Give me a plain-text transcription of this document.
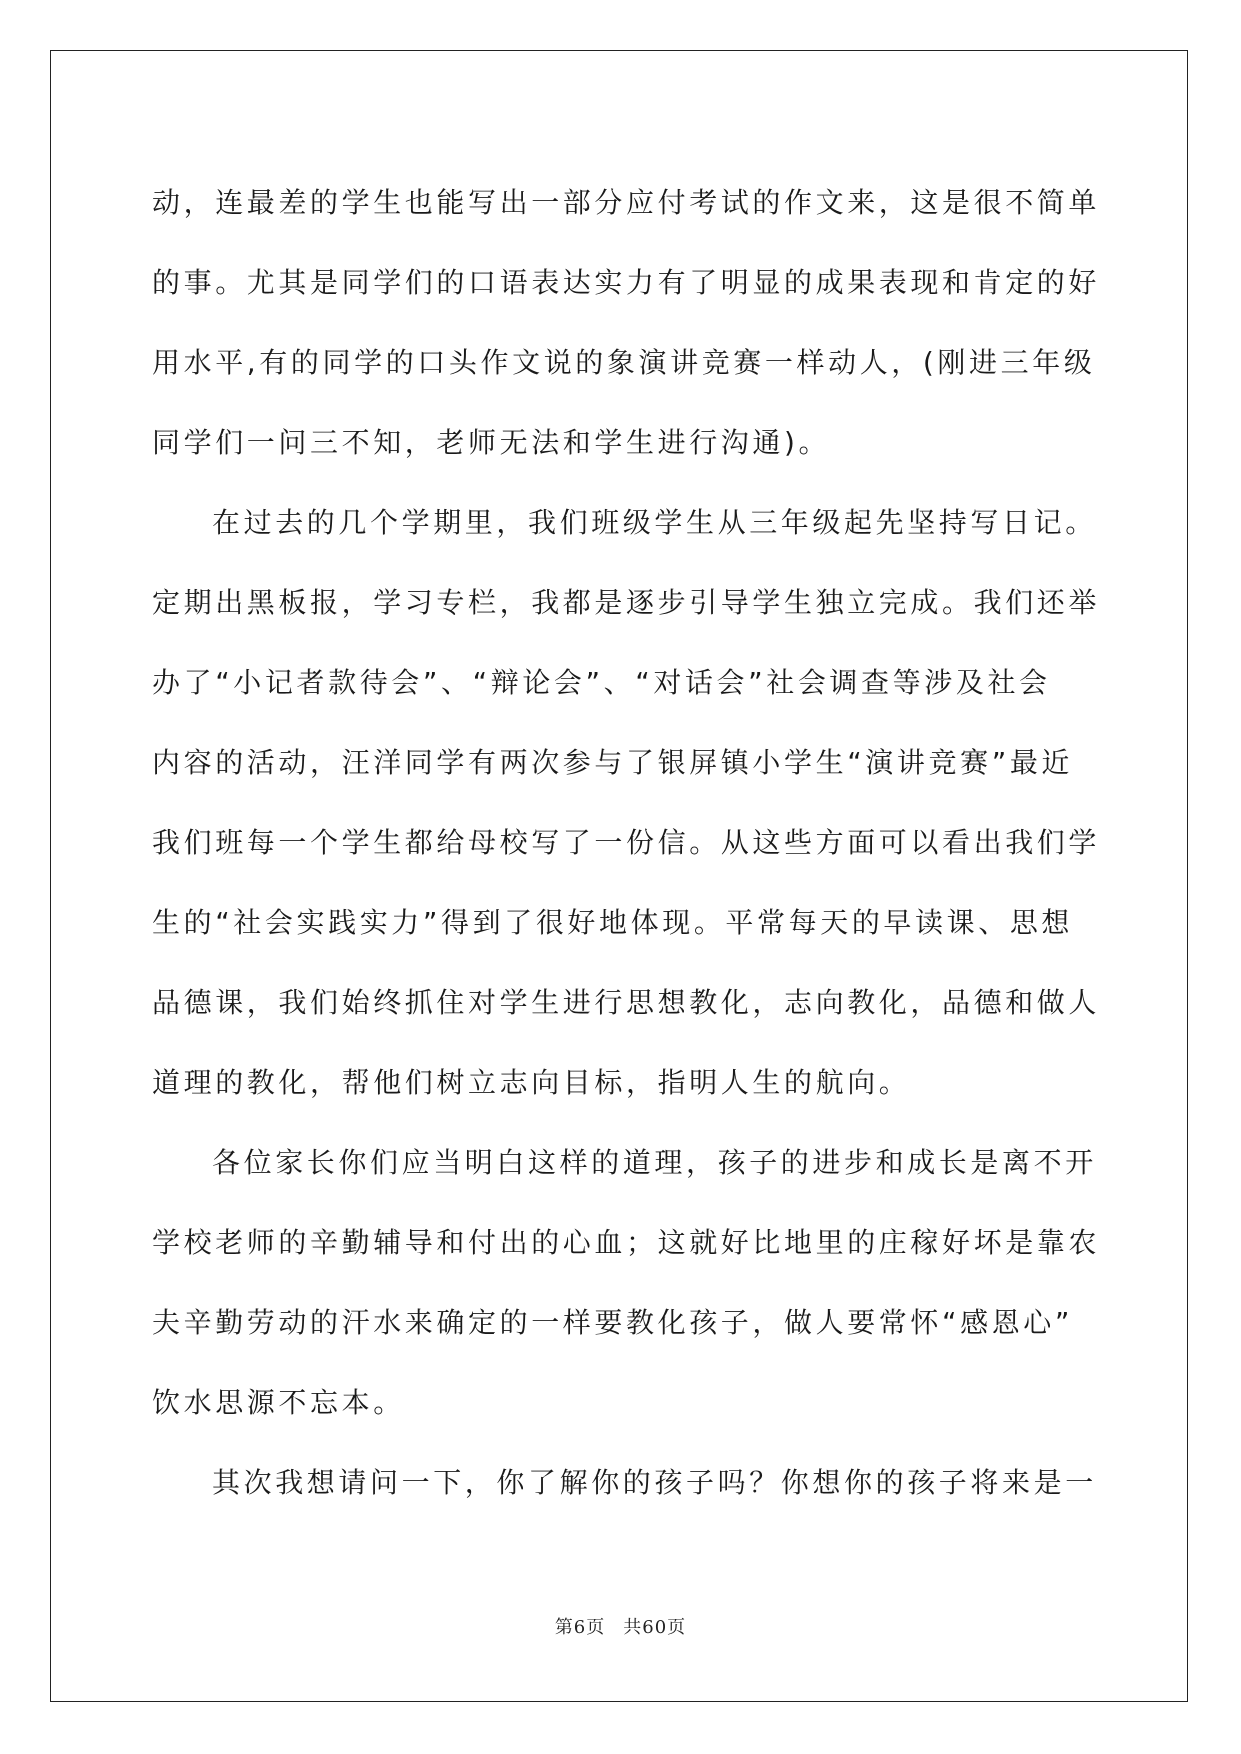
动，连最差的学生也能写出一部分应付考试的作文来，这是很不简单
的事。尤其是同学们的口语表达实力有了明显的成果表现和肯定的好
用水平,有的同学的口头作文说的象演讲竞赛一样动人，(刚进三年级
同学们一问三不知，老师无法和学生进行沟通)。
在过去的几个学期里，我们班级学生从三年级起先坚持写日记。
定期出黑板报，学习专栏，我都是逐步引导学生独立完成。我们还举
办了“小记者款待会”、“辩论会”、“对话会”社会调查等涉及社会
内容的活动，汪洋同学有两次参与了银屏镇小学生“演讲竞赛”最近
我们班每一个学生都给母校写了一份信。从这些方面可以看出我们学
生的“社会实践实力”得到了很好地体现。平常每天的早读课、思想
品德课，我们始终抓住对学生进行思想教化，志向教化，品德和做人
道理的教化，帮他们树立志向目标，指明人生的航向。
各位家长你们应当明白这样的道理，孩子的进步和成长是离不开
学校老师的辛勤辅导和付出的心血；这就好比地里的庄稼好坏是靠农
夫辛勤劳动的汗水来确定的一样要教化孩子，做人要常怀“感恩心”
饮水思源不忘本。
其次我想请问一下，你了解你的孩子吗？你想你的孩子将来是一
第6页 共60页
